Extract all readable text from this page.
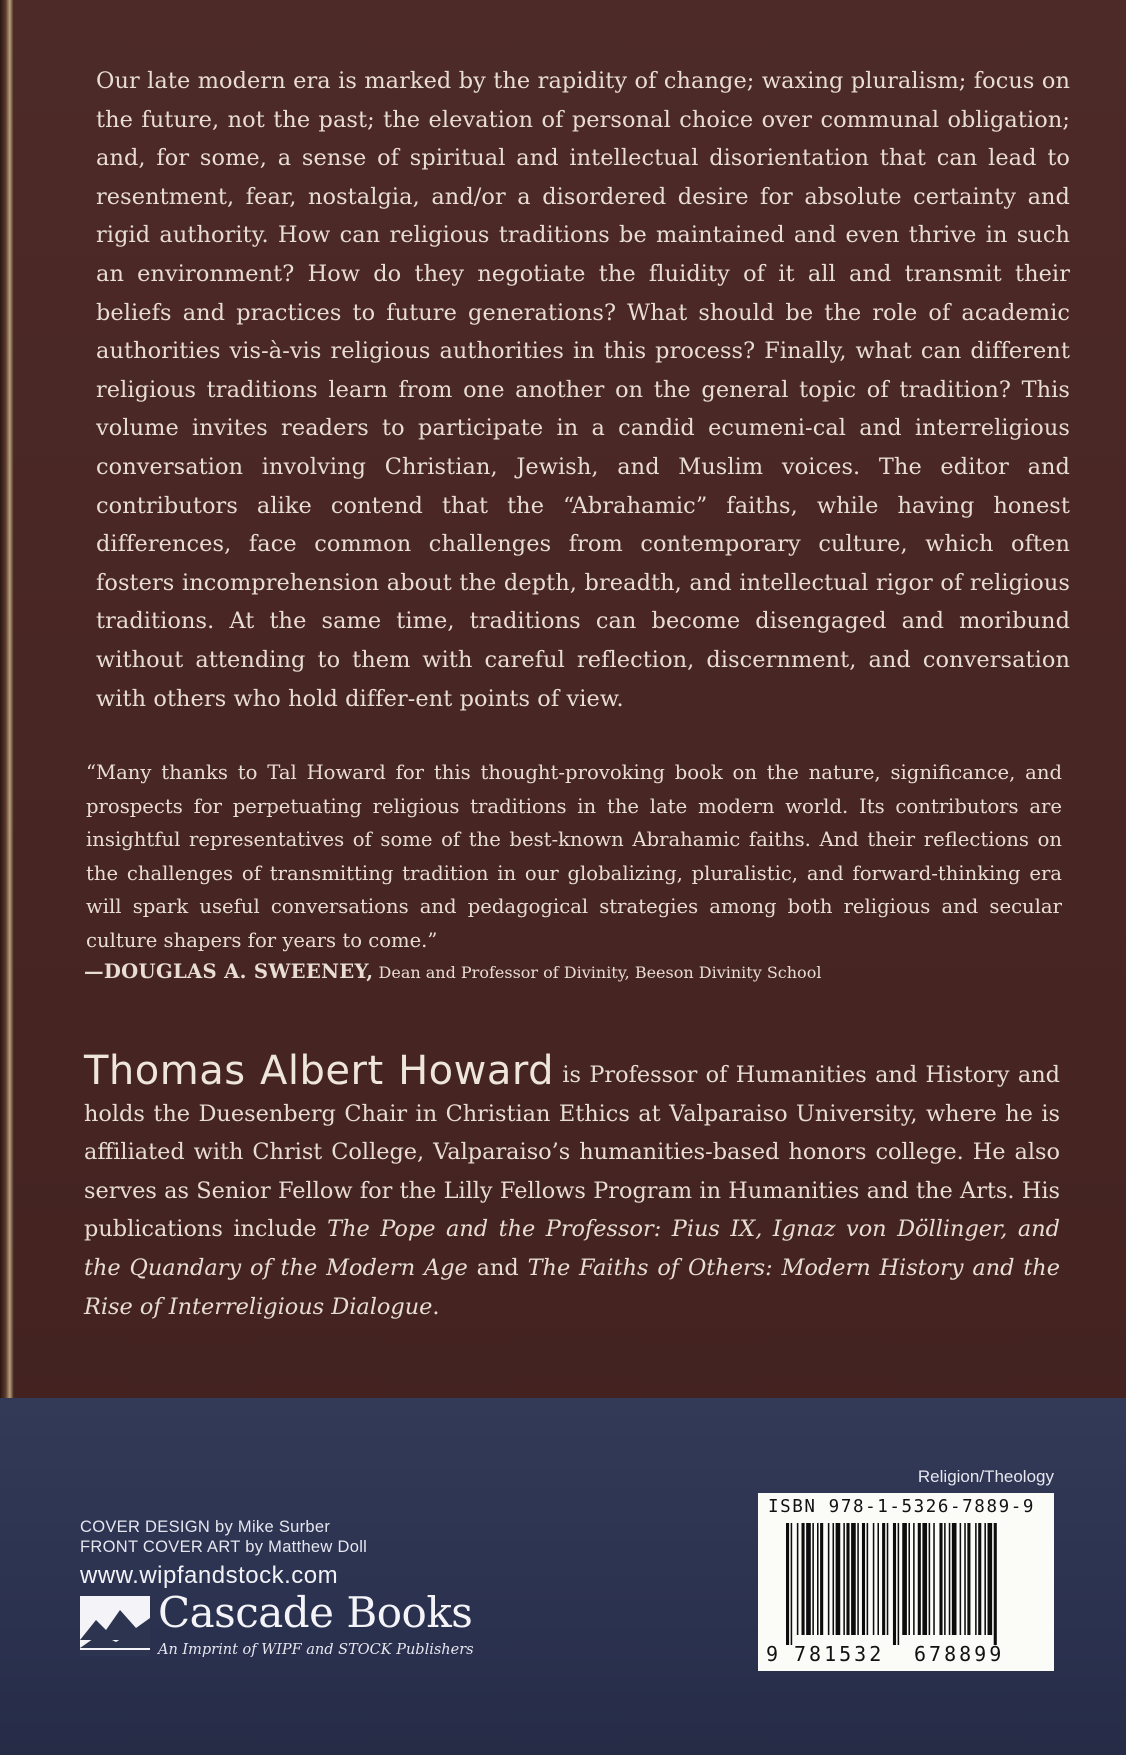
Our late modern era is marked by the rapidity of change; waxing pluralism; focus on the future, not the past; the elevation of personal choice over communal obligation; and, for some, a sense of spiritual and intellectual disorientation that can lead to resentment, fear, nostalgia, and/or a disordered desire for absolute certainty and rigid authority. How can religious traditions be maintained and even thrive in such an environment? How do they negotiate the fluidity of it all and transmit their beliefs and practices to future generations? What should be the role of academic authorities vis-à-vis religious authorities in this process? Finally, what can different religious traditions learn from one another on the general topic of tradition? This volume invites readers to participate in a candid ecumeni-cal and interreligious conversation involving Christian, Jewish, and Muslim voices. The editor and contributors alike contend that the “Abrahamic” faiths, while having honest differences, face common challenges from contemporary culture, which often fosters incomprehension about the depth, breadth, and intellectual rigor of religious traditions. At the same time, traditions can become disengaged and moribund without attending to them with careful reflection, discernment, and conversation with others who hold differ-ent points of view.

“Many thanks to Tal Howard for this thought-provoking book on the nature, significance, and prospects for perpetuating religious traditions in the late modern world. Its contributors are insightful representatives of some of the best-known Abrahamic faiths. And their reflections on the challenges of transmitting tradition in our globalizing, pluralistic, and forward-thinking era will spark useful conversations and pedagogical strategies among both religious and secular culture shapers for years to come.”

—DOUGLAS A. SWEENEY, Dean and Professor of Divinity, Beeson Divinity School

Thomas Albert Howard is Professor of Humanities and History and holds the Duesenberg Chair in Christian Ethics at Valparaiso University, where he is affiliated with Christ College, Valparaiso’s humanities-based honors college. He also serves as Senior Fellow for the Lilly Fellows Program in Humanities and the Arts. His publications include The Pope and the Professor: Pius IX, Ignaz von Döllinger, and the Quandary of the Modern Age and The Faiths of Others: Modern History and the Rise of Interreligious Dialogue.

Religion/Theology
COVER DESIGN by Mike Surber
FRONT COVER ART by Matthew Doll
www.wipfandstock.com
Cascade Books
An Imprint of WIPF and STOCK Publishers
ISBN 978-1-5326-7889-9
9 781532 678899
